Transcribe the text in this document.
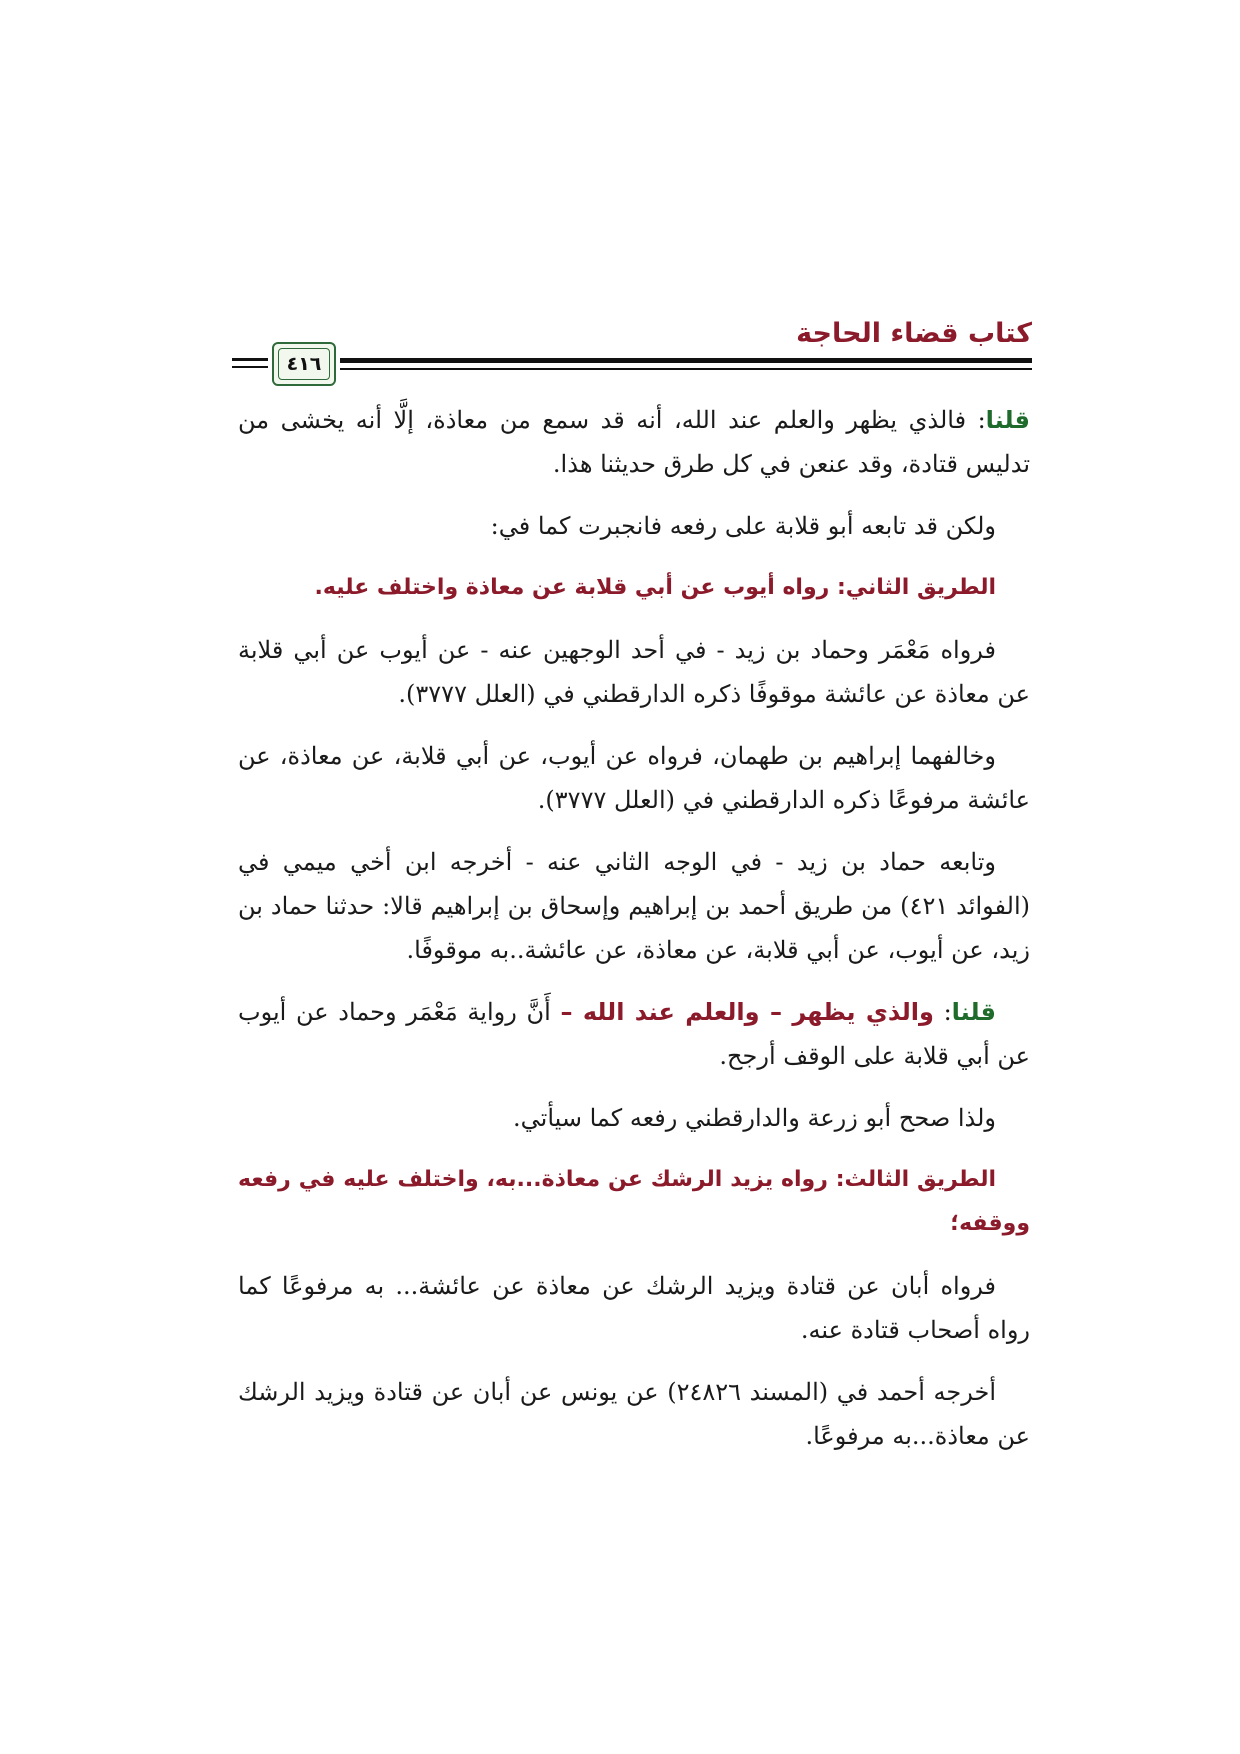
كتاب قضاء الحاجة
٤١٦

قلنا: فالذي يظهر والعلم عند الله، أنه قد سمع من معاذة، إلَّا أنه يخشى من تدليس قتادة، وقد عنعن في كل طرق حديثنا هذا.

ولكن قد تابعه أبو قلابة على رفعه فانجبرت كما في:

الطريق الثاني: رواه أيوب عن أبي قلابة عن معاذة واختلف عليه.

فرواه مَعْمَر وحماد بن زيد - في أحد الوجهين عنه - عن أيوب عن أبي قلابة عن معاذة عن عائشة موقوفًا ذكره الدارقطني في (العلل ٣٧٧٧).

وخالفهما إبراهيم بن طهمان، فرواه عن أيوب، عن أبي قلابة، عن معاذة، عن عائشة مرفوعًا ذكره الدارقطني في (العلل ٣٧٧٧).

وتابعه حماد بن زيد - في الوجه الثاني عنه - أخرجه ابن أخي ميمي في (الفوائد ٤٢١) من طريق أحمد بن إبراهيم وإسحاق بن إبراهيم قالا: حدثنا حماد بن زيد، عن أيوب، عن أبي قلابة، عن معاذة، عن عائشة..به موقوفًا.

قلنا: والذي يظهر – والعلم عند الله – أَنَّ رواية مَعْمَر وحماد عن أيوب عن أبي قلابة على الوقف أرجح.

ولذا صحح أبو زرعة والدارقطني رفعه كما سيأتي.

الطريق الثالث: رواه يزيد الرشك عن معاذة...به، واختلف عليه في رفعه ووقفه؛

فرواه أبان عن قتادة ويزيد الرشك عن معاذة عن عائشة... به مرفوعًا كما رواه أصحاب قتادة عنه.

أخرجه أحمد في (المسند ٢٤٨٢٦) عن يونس عن أبان عن قتادة ويزيد الرشك عن معاذة...به مرفوعًا.
